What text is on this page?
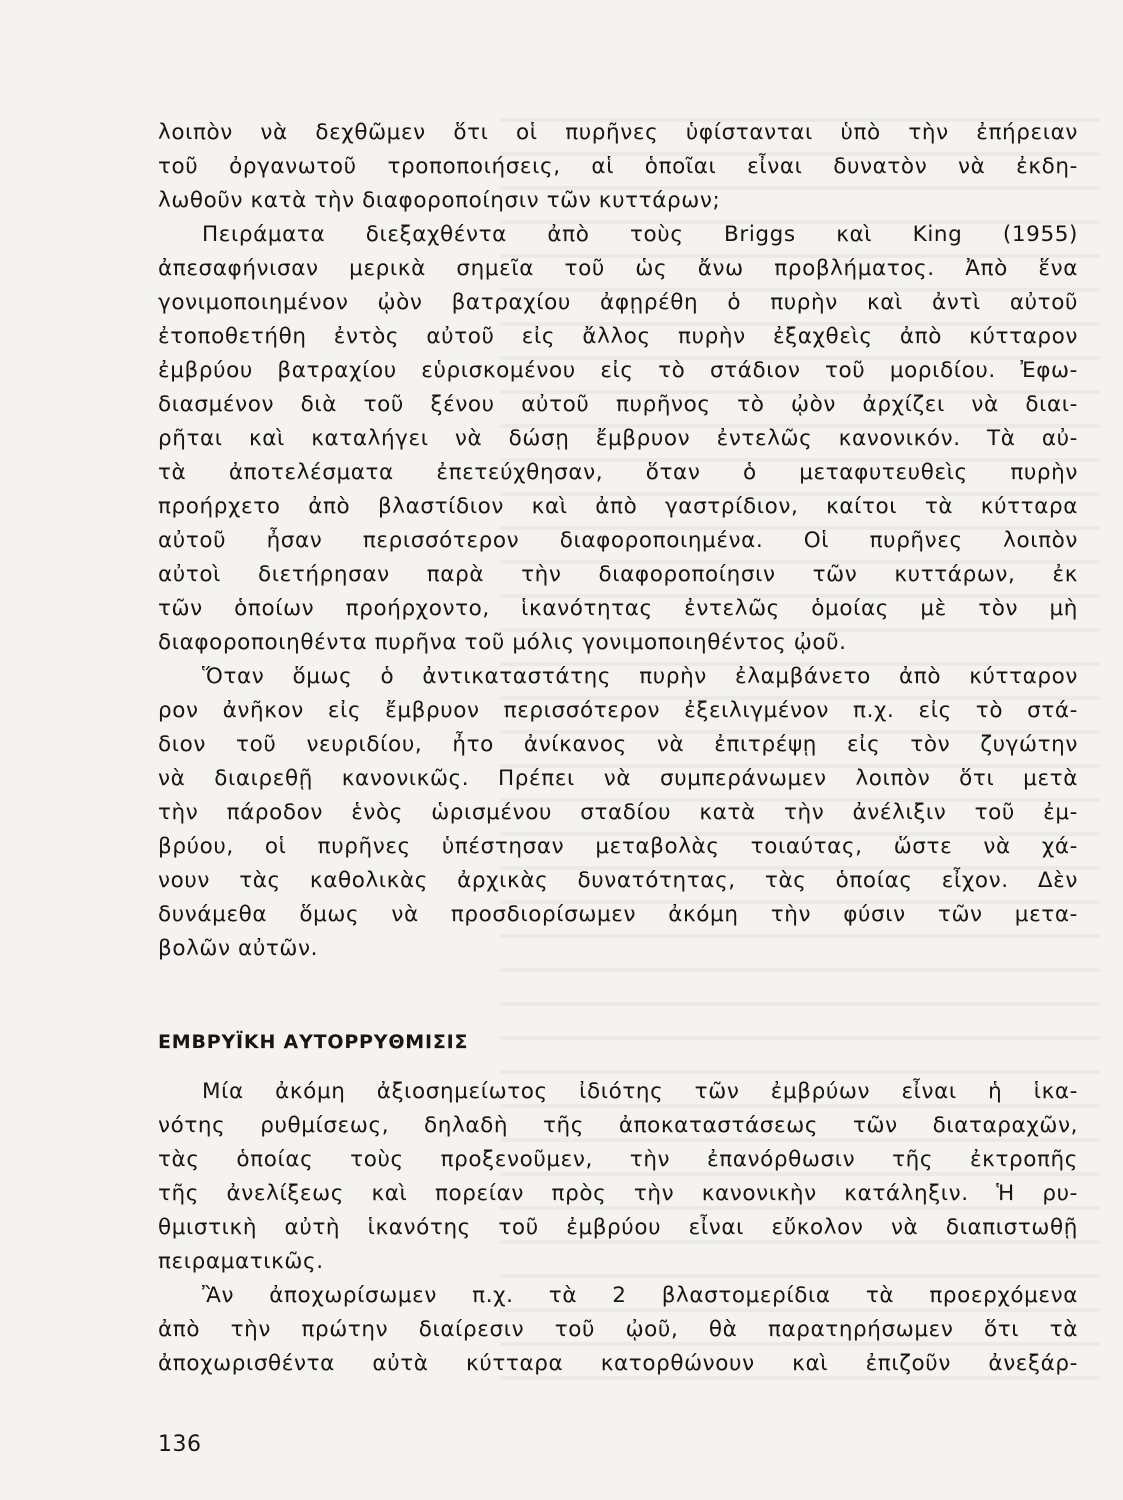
λοιπὸν νὰ δεχθῶμεν ὅτι οἱ πυρῆνες ὑφίστανται ὑπὸ τὴν ἐπήρειαν
τοῦ ὀργανωτοῦ τροποποιήσεις, αἱ ὁποῖαι εἶναι δυνατὸν νὰ ἐκδη-
λωθοῦν κατὰ τὴν διαφοροποίησιν τῶν κυττάρων;
Πειράματα διεξαχθέντα ἀπὸ τοὺς Briggs καὶ King (1955)
ἀπεσαφήνισαν μερικὰ σημεῖα τοῦ ὡς ἄνω προβλήματος. Ἀπὸ ἕνα
γονιμοποιημένον ᾠὸν βατραχίου ἀφῃρέθη ὁ πυρὴν καὶ ἀντὶ αὐτοῦ
ἐτοποθετήθη ἐντὸς αὐτοῦ εἰς ἄλλος πυρὴν ἐξαχθεὶς ἀπὸ κύτταρον
ἐμβρύου βατραχίου εὑρισκομένου εἰς τὸ στάδιον τοῦ μοριδίου. Ἐφω-
διασμένον διὰ τοῦ ξένου αὐτοῦ πυρῆνος τὸ ᾠὸν ἀρχίζει νὰ διαι-
ρῆται καὶ καταλήγει νὰ δώσῃ ἔμβρυον ἐντελῶς κανονικόν. Τὰ αὐ-
τὰ ἀποτελέσματα ἐπετεύχθησαν, ὅταν ὁ μεταφυτευθεὶς πυρὴν
προήρχετο ἀπὸ βλαστίδιον καὶ ἀπὸ γαστρίδιον, καίτοι τὰ κύτταρα
αὐτοῦ ἦσαν περισσότερον διαφοροποιημένα. Οἱ πυρῆνες λοιπὸν
αὐτοὶ διετήρησαν παρὰ τὴν διαφοροποίησιν τῶν κυττάρων, ἐκ
τῶν ὁποίων προήρχοντο, ἱκανότητας ἐντελῶς ὁμοίας μὲ τὸν μὴ
διαφοροποιηθέντα πυρῆνα τοῦ μόλις γονιμοποιηθέντος ᾠοῦ.
Ὅταν ὅμως ὁ ἀντικαταστάτης πυρὴν ἐλαμβάνετο ἀπὸ κύτταρον
ρον ἀνῆκον εἰς ἔμβρυον περισσότερον ἐξειλιγμένον π.χ. εἰς τὸ στά-
διον τοῦ νευριδίου, ἦτο ἀνίκανος νὰ ἐπιτρέψῃ εἰς τὸν ζυγώτην
νὰ διαιρεθῇ κανονικῶς. Πρέπει νὰ συμπεράνωμεν λοιπὸν ὅτι μετὰ
τὴν πάροδον ἑνὸς ὡρισμένου σταδίου κατὰ τὴν ἀνέλιξιν τοῦ ἐμ-
βρύου, οἱ πυρῆνες ὑπέστησαν μεταβολὰς τοιαύτας, ὥστε νὰ χά-
νουν τὰς καθολικὰς ἀρχικὰς δυνατότητας, τὰς ὁποίας εἶχον. Δὲν
δυνάμεθα ὅμως νὰ προσδιορίσωμεν ἀκόμη τὴν φύσιν τῶν μετα-
βολῶν αὐτῶν.
ΕΜΒΡΥΪΚΗ ΑΥΤΟΡΡΥΘΜΙΣΙΣ
Μία ἀκόμη ἀξιοσημείωτος ἰδιότης τῶν ἐμβρύων εἶναι ἡ ἱκα-
νότης ρυθμίσεως, δηλαδὴ τῆς ἀποκαταστάσεως τῶν διαταραχῶν,
τὰς ὁποίας τοὺς προξενοῦμεν, τὴν ἐπανόρθωσιν τῆς ἐκτροπῆς
τῆς ἀνελίξεως καὶ πορείαν πρὸς τὴν κανονικὴν κατάληξιν. Ἡ ρυ-
θμιστικὴ αὐτὴ ἱκανότης τοῦ ἐμβρύου εἶναι εὔκολον νὰ διαπιστωθῇ
πειραματικῶς.
Ἂν ἀποχωρίσωμεν π.χ. τὰ 2 βλαστομερίδια τὰ προερχόμενα
ἀπὸ τὴν πρώτην διαίρεσιν τοῦ ᾠοῦ, θὰ παρατηρήσωμεν ὅτι τὰ
ἀποχωρισθέντα αὐτὰ κύτταρα κατορθώνουν καὶ ἐπιζοῦν ἀνεξάρ-
136
